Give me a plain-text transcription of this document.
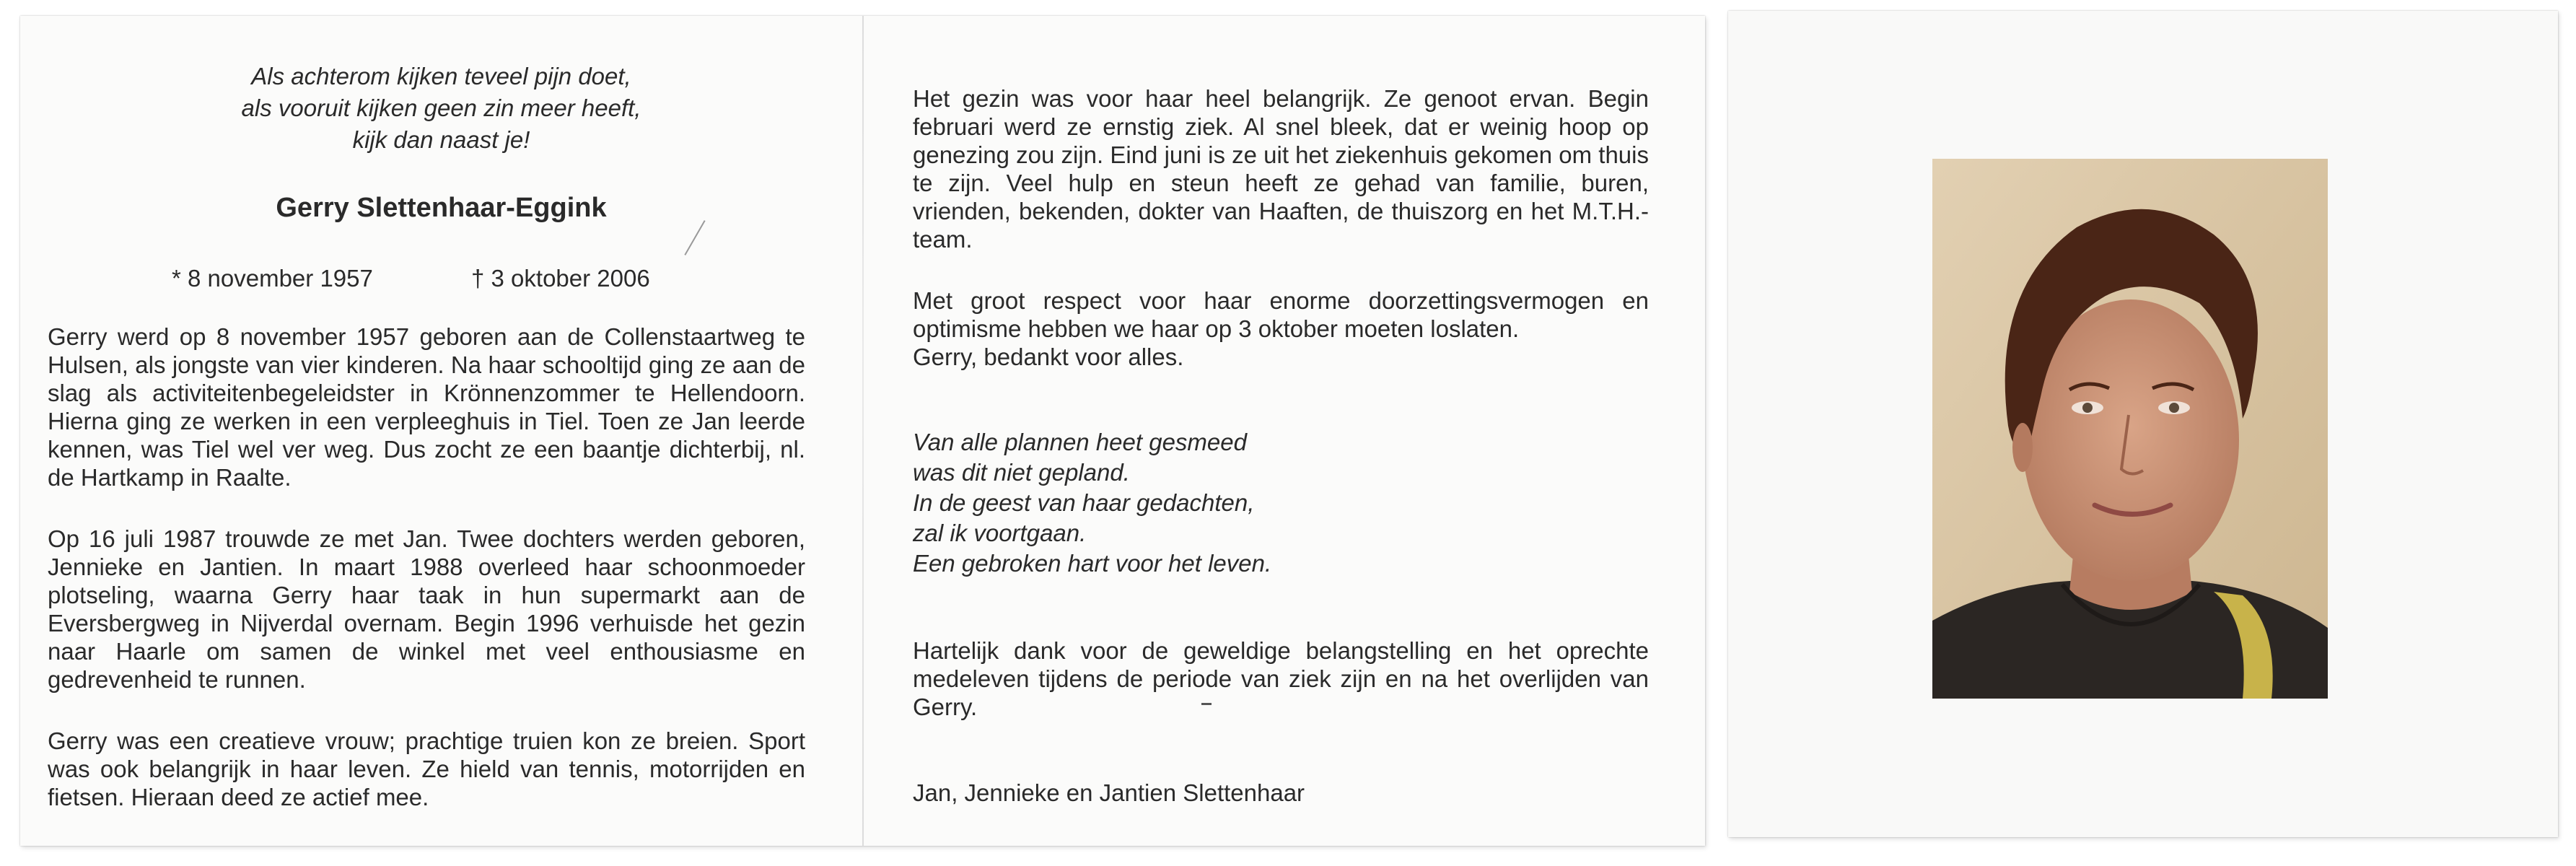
Als achterom kijken teveel pijn doet,
als vooruit kijken geen zin meer heeft,
kijk dan naast je!
Gerry Slettenhaar-Eggink
* 8 november 1957	† 3 oktober 2006
Gerry werd op 8 november 1957 geboren aan de Collenstaartweg te Hulsen, als jongste van vier kinderen. Na haar schooltijd ging ze aan de slag als activiteitenbegeleidster in Krönnenzommer te Hellendoorn. Hierna ging ze werken in een verpleeghuis in Tiel. Toen ze Jan leerde kennen, was Tiel wel ver weg. Dus zocht ze een baantje dichterbij, nl. de Hartkamp in Raalte.
Op 16 juli 1987 trouwde ze met Jan. Twee dochters werden geboren, Jennieke en Jantien. In maart 1988 overleed haar schoonmoeder plotseling, waarna Gerry haar taak in hun supermarkt aan de Eversbergweg in Nijverdal overnam. Begin 1996 verhuisde het gezin naar Haarle om samen de winkel met veel enthousiasme en gedrevenheid te runnen.
Gerry was een creatieve vrouw; prachtige truien kon ze breien. Sport was ook belangrijk in haar leven. Ze hield van tennis, motorrijden en fietsen. Hieraan deed ze actief mee.
Het gezin was voor haar heel belangrijk. Ze genoot ervan. Begin februari werd ze ernstig ziek. Al snel bleek, dat er weinig hoop op genezing zou zijn. Eind juni is ze uit het ziekenhuis gekomen om thuis te zijn. Veel hulp en steun heeft ze gehad van familie, buren, vrienden, bekenden, dokter van Haaften, de thuiszorg en het M.T.H.-team.
Met groot respect voor haar enorme doorzettingsvermogen en optimisme hebben we haar op 3 oktober moeten loslaten.
Gerry, bedankt voor alles.
Van alle plannen heet gesmeed
was dit niet gepland.
In de geest van haar gedachten,
zal ik voortgaan.
Een gebroken hart voor het leven.
Hartelijk dank voor de geweldige belangstelling en het oprechte medeleven tijdens de periode van ziek zijn en na het overlijden van Gerry.
Jan, Jennieke en Jantien Slettenhaar
